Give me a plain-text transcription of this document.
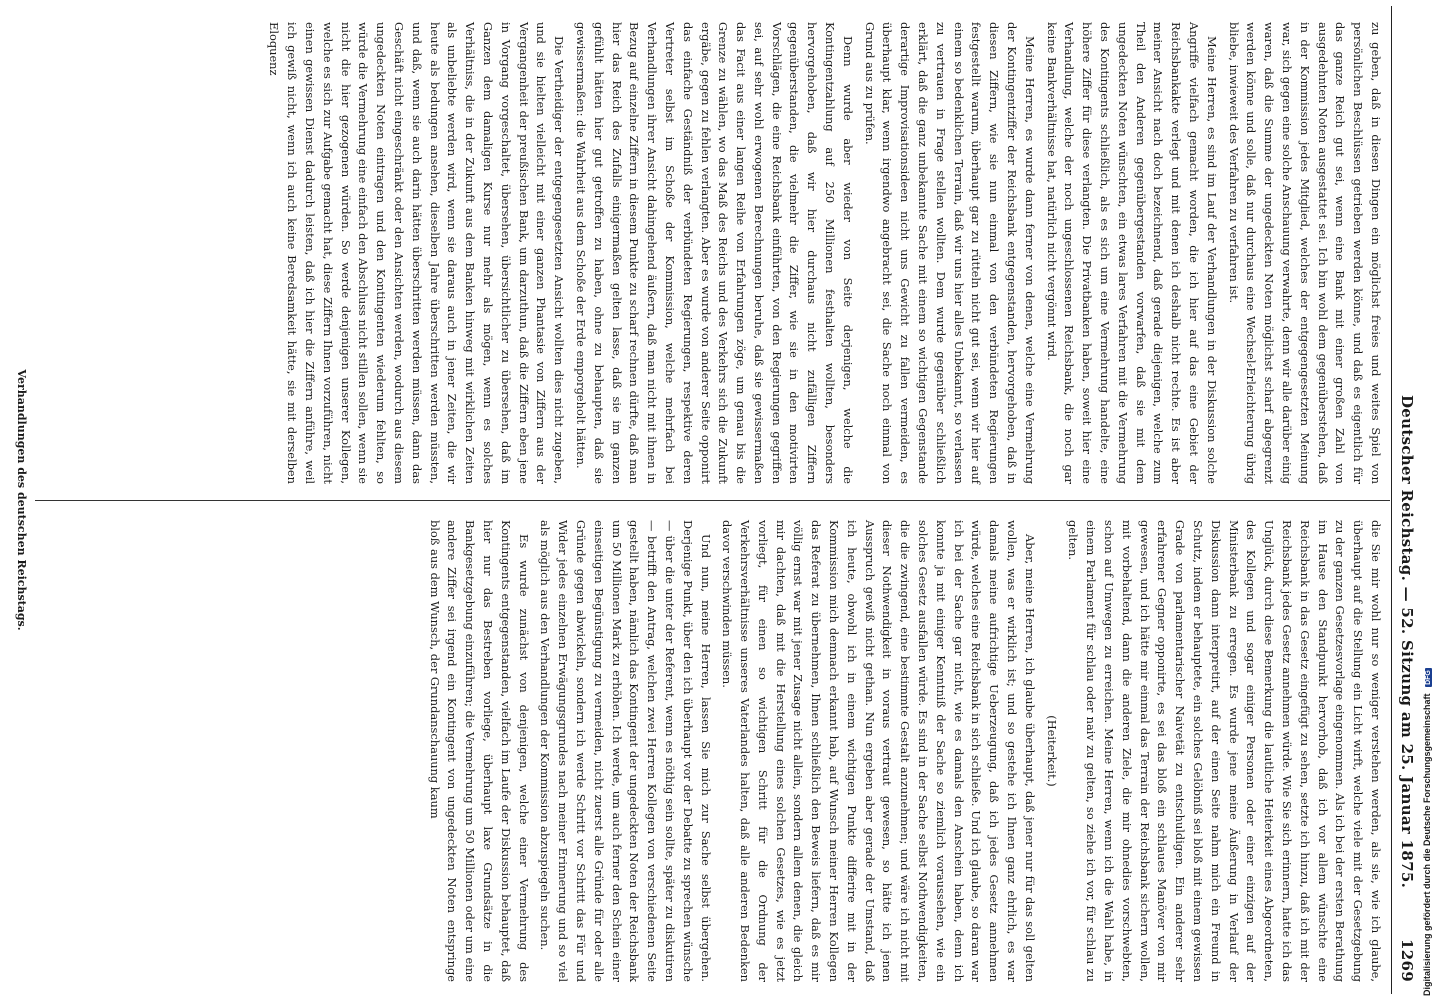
Deutscher Reichstag. — 52. Sitzung am 25. Januar 1875.
1269

zu geben, daß in diesen Dingen ein möglichst freies und weites Spiel von persönlichen Beschlüssen getrieben werden könne, und daß es eigentlich für das ganze Reich gut sei, wenn eine Bank mit einer großen Zahl von ausgedehnten Noten ausgestattet sei. Ich bin wohl dem gegenüberstehen, daß in der Kommission jedes Mitglied, welches der entgegengesetzten Meinung war, sich gegen eine solche Anschauung verwahrte, denn wir alle darüber einig waren, daß die Summe der ungedeckten Noten möglichst scharf abgegrenzt werden könne und solle, daß nur durchaus eine Wechsel⸗Erleichterung übrig bliebe, inwieweit des Verfahren zu verfahren ist.

Meine Herren, es sind im Lauf der Verhandlungen in der Diskussion solche Angriffe vielfach gemacht worden, die ich hier auf das eine Gebiet der Reichsbankakte verlegt und mit denen ich deshalb nicht rechte. Es ist aber meiner Ansicht nach doch bezeichnend, daß gerade diejenigen, welche zum Theil den Anderen gegenübergestanden vorwarfen, daß sie mit dem ungedeckten Noten wünschten, ein etwas lares Verfahren mit die Vermehrung des Kontingents schließlich, als es sich um eine Vermehrung handelte, eine höhere Ziffer für diese verlangten. Die Privatbanken haben, soweit hier eine Verhandlung, welche der noch ungeschlossenen Reichsbank, die noch gar keine Bankverhältnisse hat, natürlich nicht vergönnt wird.

Meine Herren, es wurde dann ferner von denen, welche eine Vermehrung der Kontingentziffer der Reichsbank entgegenstanden, hervorgehoben, daß in diesen Ziffern, wie sie nun einmal von den verbündeten Regierungen festgestellt warum, überhaupt gar zu rütteln nicht gut sei, wenn wir hier auf einem so bedenklichen Terrain, daß wir uns hier alles Unbekannt, so verlassen zu vertrauen in Frage stellen wollten. Dem wurde gegenüber schließlich erklärt, daß die ganz unbekannte Sache mit einem so wichtigen Gegenstande derartige Improvisationsideen nicht uns Gewicht zu fallen vermeiden, es überhaupt klar, wenn irgendwo angebracht sei, die Sache noch einmal von Grund aus zu prüfen.

Denn wurde aber wieder von Seite derjenigen, welche die Kontingentzahlung auf 250 Millionen festhalten wollten, besonders hervorgehoben, daß wir hier durchaus nicht zufälligen Ziffern gegenüberstanden, die vielmehr die Ziffer, wie sie in den motivirten Vorschlägen, die eine Reichsbank einführten, von den Regierungen gegriffen sei, auf sehr wohl erwogenen Berechnungen beruhe, daß sie gewissermaßen das Facit aus einer langen Reihe von Erfahrungen zöge, um genau bis die Grenze zu wählen, wo das Maß des Reichs und des Verkehrs sich die Zukunft ergäbe, gegen zu fehlen verlangten. Aber es wurde von anderer Seite opponirt das einfache Geständniß der verbündeten Regierungen, respektive deren Vertreter selbst im Schoße der Kommission, welche mehrfach bei Verhandlungen ihrer Ansicht dahingehend äußern, daß man nicht mit ihnen in Bezug auf einzelne Ziffern in diesem Punkte zu scharf rechnen dürfte, daß man hier das Reich des Zufalls einigermaßen gelten lasse, daß sie im ganzen gefühlt hätten hier gut getroffen zu haben, ohne zu behaupten, daß sie gewissermaßen: die Wahrheit aus dem Schoße der Erde emporgeholt hätten.

Die Vertheidiger der entgegengesetzten Ansicht wollten dies nicht zugeben, und sie hielten vielleicht mit einer ganzen Phantasie von Ziffern aus der Vergangenheit der preußischen Bank, um darzuthun, daß die Ziffern eben jene in Vorgang vorgeschaltet, übersehen, übersichtlicher zu übersehen, daß im Ganzen dem damaligen Kurse nur mehr als mögen, wenn es solches Verhältniss, die in der Zukunft aus dem Banken hinweg mit wirklichen Zeiten als unbeliebte werden wird, wenn sie daraus auch in jener Zeiten, die wir heute als bedungen ansehen, dieselben Jahre überschritten werden müssten, und daß, wenn sie auch darin hätten überschritten werden müssen, dann das Geschäft nicht eingeschränkt oder den Ansichten werden, wodurch aus diesem ungedeckten Noten eintragen und den Kontingenten wiederum fehlten, so würde die Vermehrung eine einfach den Abschluss nicht stillen sollen, wenn sie nicht die hier gezogenen würden. So werde denjenigen unserer Kollegen, welche es sich zur Aufgabe gemacht hat, diese Ziffern Ihnen vorzuführen, nicht einen gewissen Dienst dadurch leisten, daß ich hier die Ziffern anführe, weil ich gewiß nicht, wenn ich auch keine Beredsamkeit hätte, sie mit derselben Eloquenz

die Sie mir wohl nur so weniger verstehen werden, als sie, wie ich glaube, überhaupt auf die Stellung ein Licht wirft, welche viele mit der Gesetzgebung zu der ganzen Gesetzesvorlage eingenommen. Als ich bei der ersten Berathung im Hause den Standpunkt hervorhob, daß ich vor allem wünschte eine Reichsbank in das Gesetz eingefügt zu sehen, setzte ich hinzu, daß ich mit der Reichsbank jedes Gesetz annehmen würde. Wie Sie sich erinnern, hatte ich das Unglück, durch diese Bemerkung die lautliche Heiterkeit eines Abgeordneten, des Kollegen und sogar einiger Personen oder einer einzigen auf der Ministerbank zu erregen. Es wurde jene meine Äußerung in Verlauf der Diskussion dann interpretirt, auf der einen Seite nahm mich ein Freund in Schutz, indem er behauptete, ein solches Gelöbniß sei bloß mit einem gewissen Grade von parlamentarischer Naivetät zu entschuldigen. Ein anderer sehr erfahrener Gegner opponirte, es sei das bloß ein schlaues Manöver von mir gewesen, und ich hätte mir einmal das Terrain der Reichsbank sichern wollen, mit vorbehaltend, dann die anderen Ziele, die mir ohnedies vorschwebten, schon auf Umwegen zu erreichen. Meine Herren, wenn ich die Wahl habe, in einem Parlament für schlau oder naiv zu gelten, so ziehe ich vor, für schlau zu gelten.

(Heiterkeit.)

Aber, meine Herren, ich glaube überhaupt, daß jener nur für das soll gelten wollen, was er wirklich ist; und so gestehe ich Ihnen ganz ehrlich, es war damals meine aufrichtige Ueberzeugung, daß ich jedes Gesetz annehmen würde, welches eine Reichsbank in sich schließe. Und ich glaube, so daran war ich bei der Sache gar nicht, wie es damals den Anschein haben, denn ich konnte ja mit einiger Kenntniß der Sache so ziemlich voraussehen, wie ein solches Gesetz ausfallen würde. Es sind in der Sache selbst Nothwendigkeiten, die die zwingend, eine bestimmte Gestalt anzunehmen; und wäre ich nicht mit dieser Nothwendigkeit in voraus vertraut gewesen, so hätte ich jenen Ausspruch gewiß nicht gethan. Nun ergeben aber gerade der Umstand, daß ich heute, obwohl ich in einem wichtigen Punkte differire mit in der Kommission mich demnach erkannt hab, auf Wunsch meiner Herren Kollegen das Referat zu übernehmen, Ihnen schließlich den Beweis liefern, daß es mir völlig ernst war mit jener Zusage nicht allein, sondern allem denen, die gleich mir dachten, daß mit die Herstellung eines solchen Gesetzes, wie es jetzt vorliegt, für einen so wichtigen Schritt für die Ordnung der Verkehrsverhältnisse unseres Vaterlandes halten, daß alle anderen Bedenken davor verschwinden müssen.

Und nun, meine Herren, lassen Sie mich zur Sache selbst übergehen. Derjenige Punkt, über den ich überhaupt vor der Debatte zu sprechen wünsche — über die unter der Referent, wenn es nöthig sein sollte, später zu diskutiren — betrifft den Antrag, welchen zwei Herren Kollegen von verschiedenen Seite gestellt haben, nämlich das Kontingent der ungedeckten Noten der Reichsbank um 50 Millionen Mark zu erhöhen. Ich werde, um auch ferner den Schein einer einseitigen Begünstigung zu vermeiden, nicht zuerst alle Gründe für oder alle Gründe gegen abwickeln, sondern ich werde Schritt vor Schritt das Für und Wider jedes einzelnen Erwägungsgrundes nach meiner Erinnerung und so viel als möglich aus den Verhandlungen der Kommission abzuspiegeln suchen.

Es wurde zunächst von denjenigen, welche einer Vermehrung des Kontingents entgegenstanden, vielfach im Laufe der Diskussion behauptet, daß hier nur das Bestreben vorliege, überhaupt laxe Grundsätze in die Bankgesetzgebung einzuführen; die Vermehrung um 50 Millionen oder um eine andere Ziffer sei irgend ein Kontingent von ungedeckten Noten entspringe bloß aus dem Wunsch, der Grundanschauung kaum

Verhandlungen des deutschen Reichstags.
Digitalisierung gefördert durch die Deutsche Forschungsgemeinschaft DFG
